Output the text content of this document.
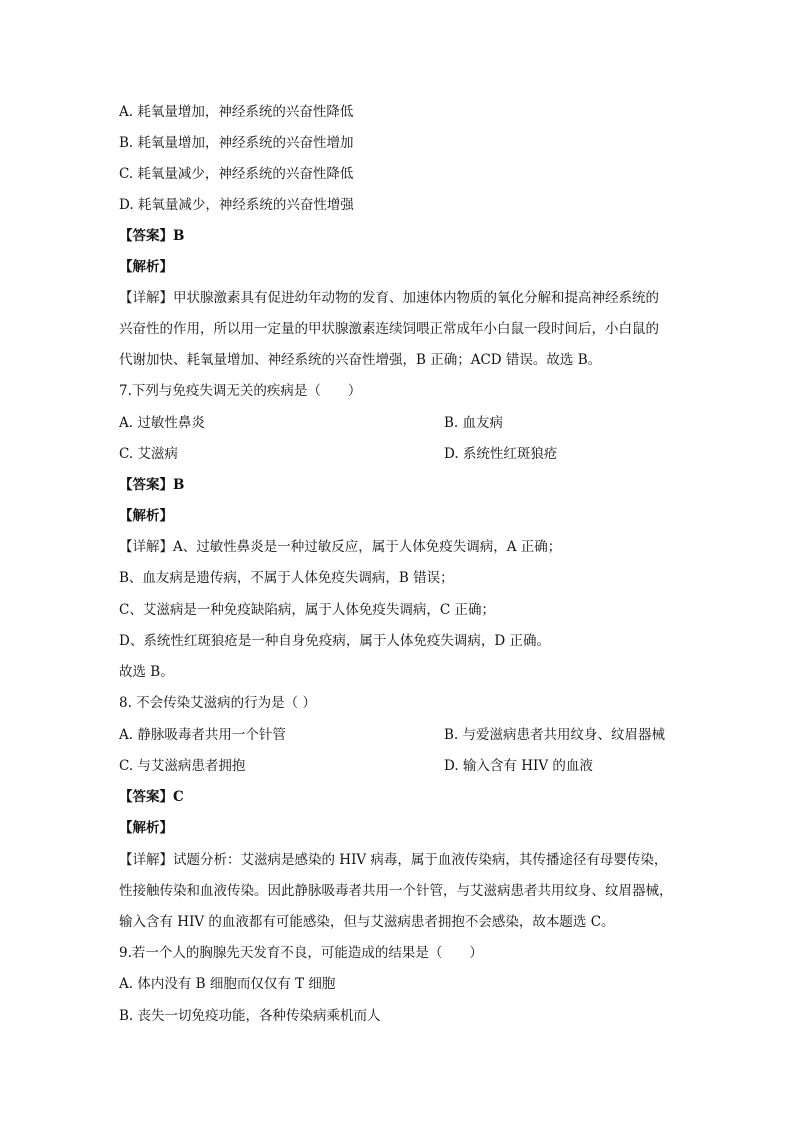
A. 耗氧量增加，神经系统的兴奋性降低
B. 耗氧量增加，神经系统的兴奋性增加
C. 耗氧量减少，神经系统的兴奋性降低
D. 耗氧量减少，神经系统的兴奋性增强
【答案】B
【解析】
【详解】甲状腺激素具有促进幼年动物的发育、加速体内物质的氧化分解和提高神经系统的
兴奋性的作用，所以用一定量的甲状腺激素连续饲喂正常成年小白鼠一段时间后，小白鼠的
代谢加快、耗氧量增加、神经系统的兴奋性增强，B 正确；ACD 错误。故选 B。
7.下列与免疫失调无关的疾病是（　　）
A. 过敏性鼻炎	B. 血友病
C. 艾滋病	D. 系统性红斑狼疮
【答案】B
【解析】
【详解】A、过敏性鼻炎是一种过敏反应，属于人体免疫失调病，A 正确；
B、血友病是遗传病，不属于人体免疫失调病，B 错误；
C、艾滋病是一种免疫缺陷病，属于人体免疫失调病，C 正确；
D、系统性红斑狼疮是一种自身免疫病，属于人体免疫失调病，D 正确。
故选 B。
8. 不会传染艾滋病的行为是（ ）
A. 静脉吸毒者共用一个针管	B. 与爱滋病患者共用纹身、纹眉器械
C. 与艾滋病患者拥抱	D. 输入含有 HIV 的血液
【答案】C
【解析】
【详解】试题分析：艾滋病是感染的 HIV 病毒，属于血液传染病，其传播途径有母婴传染，
性接触传染和血液传染。因此静脉吸毒者共用一个针管，与艾滋病患者共用纹身、纹眉器械，
输入含有 HIV 的血液都有可能感染，但与艾滋病患者拥抱不会感染，故本题选 C。
9.若一个人的胸腺先天发育不良，可能造成的结果是（　　）
A. 体内没有 B 细胞而仅仅有 T 细胞
B. 丧失一切免疫功能，各种传染病乘机而人
